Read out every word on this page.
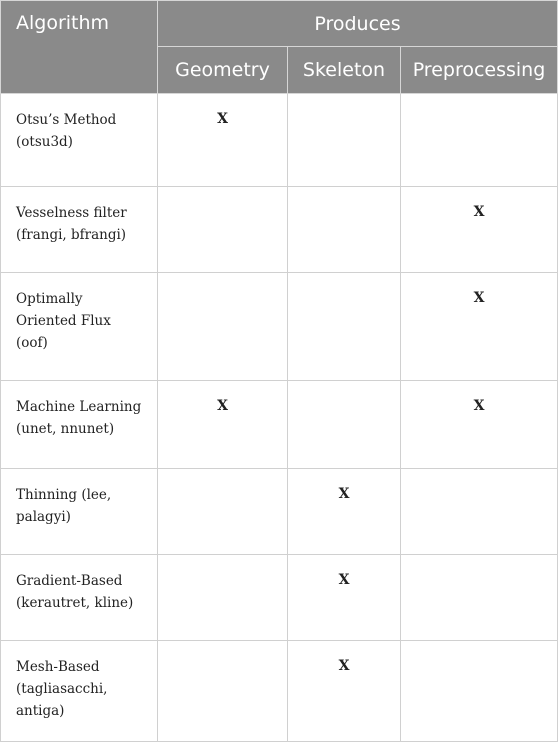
Algorithm	Produces		
	Geometry	Skeleton	Preprocessing

Otsu’s Method
(otsu3d)	X		

Vesselness filter
(frangi, bfrangi)			X

Optimally
Oriented Flux
(oof)			X

Machine Learning
(unet, nnunet)	X		X

Thinning (lee,
palagyi)		X	

Gradient-Based
(kerautret, kline)		X	

Mesh-Based
(tagliasacchi,
antiga)		X	
